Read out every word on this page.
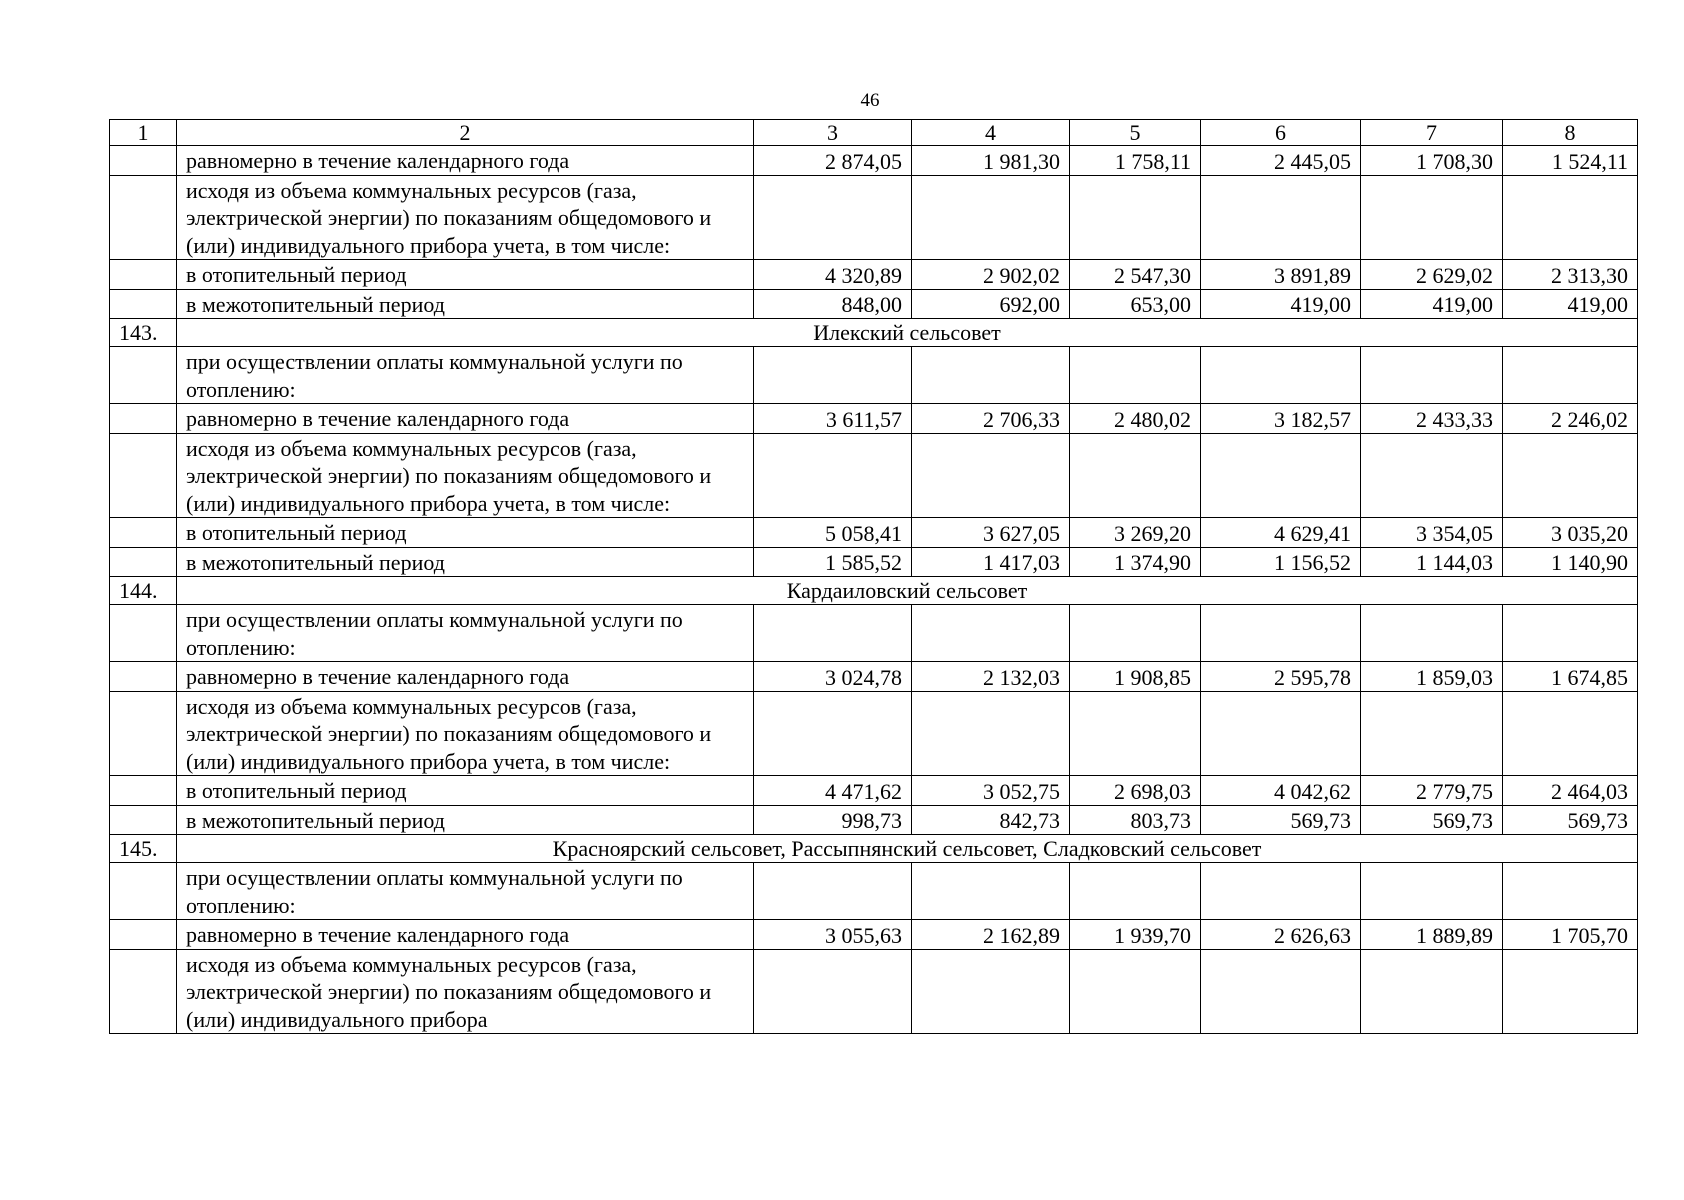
46
1	2	3	4	5	6	7	8
	равномерно в течение календарного года	2 874,05	1 981,30	1 758,11	2 445,05	1 708,30	1 524,11
	исходя из объема коммунальных ресурсов (газа, электрической энергии) по показаниям общедомового и (или) индивидуального прибора учета, в том числе:						
	в отопительный период	4 320,89	2 902,02	2 547,30	3 891,89	2 629,02	2 313,30
	в межотопительный период	848,00	692,00	653,00	419,00	419,00	419,00
143.	Илекский сельсовет						
	при осуществлении оплаты коммунальной услуги по отоплению:						
	равномерно в течение календарного года	3 611,57	2 706,33	2 480,02	3 182,57	2 433,33	2 246,02
	исходя из объема коммунальных ресурсов (газа, электрической энергии) по показаниям общедомового и (или) индивидуального прибора учета, в том числе:						
	в отопительный период	5 058,41	3 627,05	3 269,20	4 629,41	3 354,05	3 035,20
	в межотопительный период	1 585,52	1 417,03	1 374,90	1 156,52	1 144,03	1 140,90
144.	Кардаиловский сельсовет						
	при осуществлении оплаты коммунальной услуги по отоплению:						
	равномерно в течение календарного года	3 024,78	2 132,03	1 908,85	2 595,78	1 859,03	1 674,85
	исходя из объема коммунальных ресурсов (газа, электрической энергии) по показаниям общедомового и (или) индивидуального прибора учета, в том числе:						
	в отопительный период	4 471,62	3 052,75	2 698,03	4 042,62	2 779,75	2 464,03
	в межотопительный период	998,73	842,73	803,73	569,73	569,73	569,73
145.	Красноярский сельсовет, Рассыпнянский сельсовет, Сладковский сельсовет						
	при осуществлении оплаты коммунальной услуги по отоплению:						
	равномерно в течение календарного года	3 055,63	2 162,89	1 939,70	2 626,63	1 889,89	1 705,70
	исходя из объема коммунальных ресурсов (газа, электрической энергии) по показаниям общедомового и (или) индивидуального прибора						
